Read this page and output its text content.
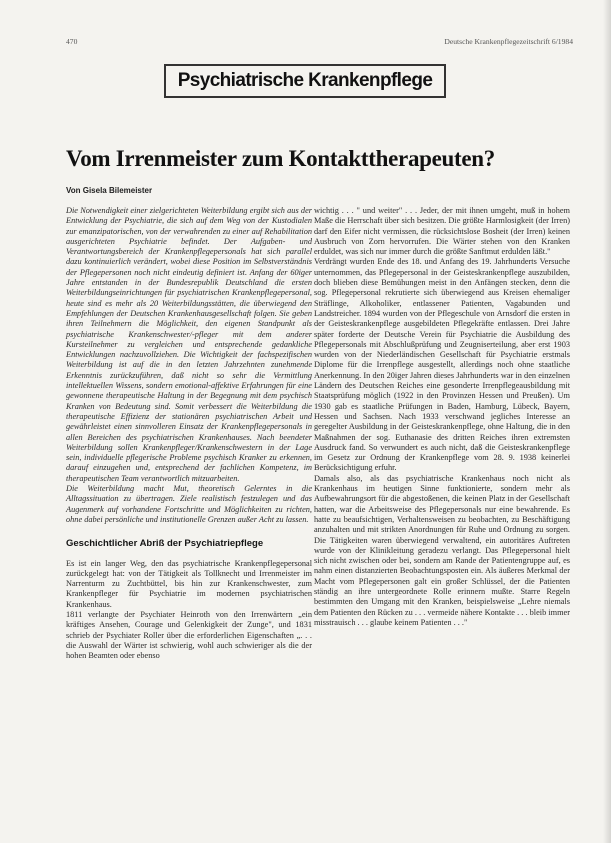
470	Deutsche Krankenpflegezeitschrift 6/1984
Psychiatrische Krankenpflege
Vom Irrenmeister zum Kontakttherapeuten?
Von Gisela Bilemeister

Die Notwendigkeit einer zielgerichteten Weiterbildung ergibt sich aus der Entwicklung der Psychiatrie, die sich auf dem Weg von der Kustodialen zur emanzipatorischen, von der verwahrenden zu einer auf Rehabilitation ausgerichteten Psychiatrie befindet. Der Aufgaben- und Verantwortungsbereich der Krankenpflegepersonals hat sich parallel dazu kontinuierlich verändert, wobei diese Position im Selbstverständnis der Pflegepersonen noch nicht eindeutig definiert ist. Anfang der 60iger Jahre entstanden in der Bundesrepublik Deutschland die ersten Weiterbildungseinrichtungen für psychiatrischen Krankenpflegepersonal, heute sind es mehr als 20 Weiterbildungsstätten, die überwiegend den Empfehlungen der Deutschen Krankenhausgesellschaft folgen. Sie geben ihren Teilnehmern die Möglichkeit, den eigenen Standpunkt als psychiatrische Krankenschwester/-pfleger mit dem anderer Kursteilnehmer zu vergleichen und entsprechende gedankliche Entwicklungen nachzuvollziehen. Die Wichtigkeit der fachspezifischen Weiterbildung ist auf die in den letzten Jahrzehnten zunehmende Erkenntnis zurückzuführen, daß nicht so sehr die Vermittlung intellektuellen Wissens, sondern emotional-affektive Erfahrungen für eine gewonnene therapeutische Haltung in der Begegnung mit dem psychisch Kranken von Bedeutung sind. Somit verbessert die Weiterbildung die therapeutische Effizienz der stationären psychiatrischen Arbeit und gewährleistet einen sinnvolleren Einsatz der Krankenpflegepersonals in allen Bereichen des psychiatrischen Krankenhauses. Nach beendeter Weiterbildung sollen Krankenpfleger/Krankenschwestern in der Lage sein, individuelle pflegerische Probleme psychisch Kranker zu erkennen, darauf einzugehen und, entsprechend der fachlichen Kompetenz, im therapeutischen Team verantwortlich mitzuarbeiten.

Die Weiterbildung macht Mut, theoretisch Gelerntes in die Alltagssituation zu übertragen. Ziele realistisch festzulegen und das Augenmerk auf vorhandene Fortschritte und Möglichkeiten zu richten, ohne dabei persönliche und institutionelle Grenzen außer Acht zu lassen.

Geschichtlicher Abriß der Psychiatriepflege

Es ist ein langer Weg, den das psychiatrische Krankenpflegepersonal zurückgelegt hat: von der Tätigkeit als Tollknecht und Irrenmeister im Narrenturm zu Zuchtbüttel, bis hin zur Krankenschwester, zum Krankenpfleger für Psychiatrie im modernen psychiatrischen Krankenhaus.

1811 verlangte der Psychiater Heinroth von den Irrenwärtern „ein kräftiges Ansehen, Courage und Gelenkigkeit der Zunge", und 1831 schrieb der Psychiater Roller über die erforderlichen Eigenschaften „. . . die Auswahl der Wärter ist schwierig, wohl auch schwieriger als die der hohen Beamten oder ebenso

wichtig . . . " und weiter" . . . Jeder, der mit ihnen umgeht, muß in hohem Maße die Herrschaft über sich besitzen. Die größte Harmlosigkeit (der Irren) darf den Eifer nicht vermissen, die rücksichtslose Bosheit (der Irren) keinen Ausbruch von Zorn hervorrufen. Die Wärter stehen von den Kranken erduldet, was sich nur immer durch die größte Sanftmut erdulden läßt."

Verdrängt wurden Ende des 18. und Anfang des 19. Jahrhunderts Versuche unternommen, das Pflegepersonal in der Geisteskrankenpflege auszubilden, doch blieben diese Bemühungen meist in den Anfängen stecken, denn die sog. Pflegepersonal rekrutierte sich überwiegend aus Kreisen ehemaliger Sträflinge, Alkoholiker, entlassener Patienten, Vagabunden und Landstreicher. 1894 wurden von der Pflegeschule von Arnsdorf die ersten in der Geisteskrankenpflege ausgebildeten Pflegekräfte entlassen. Drei Jahre später forderte der Deutsche Verein für Psychiatrie die Ausbildung des Pflegepersonals mit Abschlußprüfung und Zeugniserteilung, aber erst 1903 wurden von der Niederländischen Gesellschaft für Psychiatrie erstmals Diplome für die Irrenpflege ausgestellt, allerdings noch ohne staatliche Anerkennung. In den 20iger Jahren dieses Jahrhunderts war in den einzelnen Ländern des Deutschen Reiches eine gesonderte Irrenpflegeausbildung mit Staatsprüfung möglich (1922 in den Provinzen Hessen und Preußen). Um 1930 gab es staatliche Prüfungen in Baden, Hamburg, Lübeck, Bayern, Hessen und Sachsen. Nach 1933 verschwand jegliches Interesse an geregelter Ausbildung in der Geisteskrankenpflege, ohne Haltung, die in den Maßnahmen der sog. Euthanasie des dritten Reiches ihren extremsten Ausdruck fand. So verwundert es auch nicht, daß die Geisteskrankenpflege im Gesetz zur Ordnung der Krankenpflege vom 28. 9. 1938 keinerlei Berücksichtigung erfuhr.

Damals also, als das psychiatrische Krankenhaus noch nicht als Krankenhaus im heutigen Sinne funktionierte, sondern mehr als Aufbewahrungsort für die abgestoßenen, die keinen Platz in der Gesellschaft hatten, war die Arbeitsweise des Pflegepersonals nur eine bewahrende. Es hatte zu beaufsichtigen, Verhaltensweisen zu beobachten, zu Beschäftigung anzuhalten und mit strikten Anordnungen für Ruhe und Ordnung zu sorgen. Die Tätigkeiten waren überwiegend verwaltend, ein autoritäres Auftreten wurde von der Klinikleitung geradezu verlangt. Das Pflegepersonal hielt sich nicht zwischen oder bei, sondern am Rande der Patientengruppe auf, es nahm einen distanzierten Beobachtungsposten ein. Als äußeres Merkmal der Macht vom Pflegepersonen galt ein großer Schlüssel, der die Patienten ständig an ihre untergeordnete Rolle erinnern mußte. Starre Regeln bestimmten den Umgang mit den Kranken, beispielsweise „Lehre niemals dem Patienten den Rücken zu . . . vermeide nähere Kontakte . . . bleib immer misstrauisch . . . glaube keinem Patienten . . ."
